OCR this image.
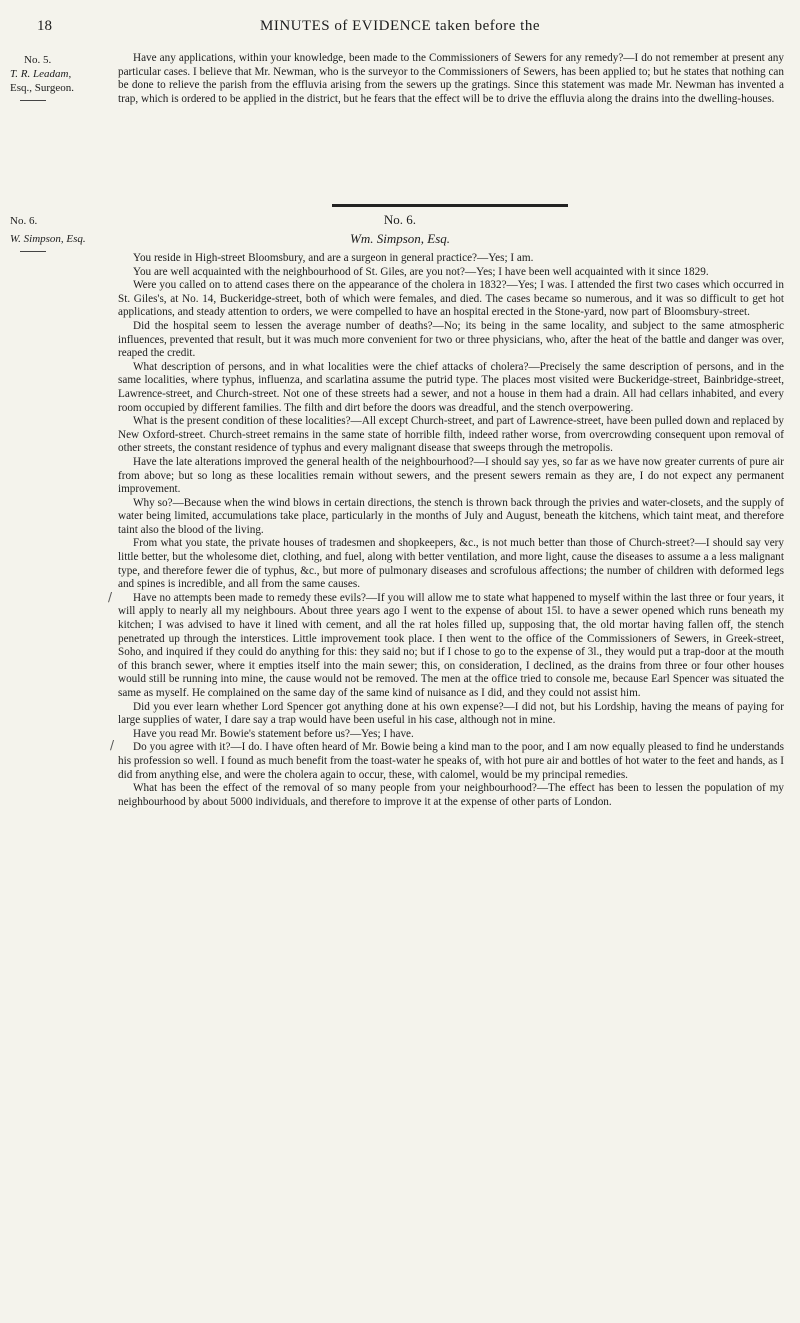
18	MINUTES of EVIDENCE taken before the
No. 5.
T. R. Leadam,
Esq., Surgeon.

Have any applications, within your knowledge, been made to the Commissioners of Sewers for any remedy?—I do not remember at present any particular cases. I believe that Mr. Newman, who is the surveyor to the Commissioners of Sewers, has been applied to; but he states that nothing can be done to relieve the parish from the effluvia arising from the sewers up the gratings. Since this statement was made Mr. Newman has invented a trap, which is ordered to be applied in the district, but he fears that the effect will be to drive the effluvia along the drains into the dwelling-houses.

No. 6.
Wm. Simpson, Esq.
No. 6.
W. Simpson, Esq.

You reside in High-street Bloomsbury, and are a surgeon in general practice?—Yes; I am.

You are well acquainted with the neighbourhood of St. Giles, are you not?—Yes; I have been well acquainted with it since 1829.

Were you called on to attend cases there on the appearance of the cholera in 1832?—Yes; I was. I attended the first two cases which occurred in St. Giles's, at No. 14, Buckeridge-street, both of which were females, and died. The cases became so numerous, and it was so difficult to get hot applications, and steady attention to orders, we were compelled to have an hospital erected in the Stone-yard, now part of Bloomsbury-street.

Did the hospital seem to lessen the average number of deaths?—No; its being in the same locality, and subject to the same atmospheric influences, prevented that result, but it was much more convenient for two or three physicians, who, after the heat of the battle and danger was over, reaped the credit.

What description of persons, and in what localities were the chief attacks of cholera?—Precisely the same description of persons, and in the same localities, where typhus, influenza, and scarlatina assume the putrid type. The places most visited were Buckeridge-street, Bainbridge-street, Lawrence-street, and Church-street. Not one of these streets had a sewer, and not a house in them had a drain. All had cellars inhabited, and every room occupied by different families. The filth and dirt before the doors was dreadful, and the stench overpowering.

What is the present condition of these localities?—All except Church-street, and part of Lawrence-street, have been pulled down and replaced by New Oxford-street. Church-street remains in the same state of horrible filth, indeed rather worse, from overcrowding consequent upon removal of other streets, the constant residence of typhus and every malignant disease that sweeps through the metropolis.

Have the late alterations improved the general health of the neighbourhood?—I should say yes, so far as we have now greater currents of pure air from above; but so long as these localities remain without sewers, and the present sewers remain as they are, I do not expect any permanent improvement.

Why so?—Because when the wind blows in certain directions, the stench is thrown back through the privies and water-closets, and the supply of water being limited, accumulations take place, particularly in the months of July and August, beneath the kitchens, which taint meat, and therefore taint also the blood of the living.

From what you state, the private houses of tradesmen and shopkeepers, &c., is not much better than those of Church-street?—I should say very little better, but the wholesome diet, clothing, and fuel, along with better ventilation, and more light, cause the diseases to assume a a less malignant type, and therefore fewer die of typhus, &c., but more of pulmonary diseases and scrofulous affections; the number of children with deformed legs and spines is incredible, and all from the same causes.

Have no attempts been made to remedy these evils?—If you will allow me to state what happened to myself within the last three or four years, it will apply to nearly all my neighbours. About three years ago I went to the expense of about 15l. to have a sewer opened which runs beneath my kitchen; I was advised to have it lined with cement, and all the rat holes filled up, supposing that, the old mortar having fallen off, the stench penetrated up through the interstices. Little improvement took place. I then went to the office of the Commissioners of Sewers, in Greek-street, Soho, and inquired if they could do anything for this: they said no; but if I chose to go to the expense of 3l., they would put a trap-door at the mouth of this branch sewer, where it empties itself into the main sewer; this, on consideration, I declined, as the drains from three or four other houses would still be running into mine, the cause would not be removed. The men at the office tried to console me, because Earl Spencer was situated the same as myself. He complained on the same day of the same kind of nuisance as I did, and they could not assist him.

Did you ever learn whether Lord Spencer got anything done at his own expense?—I did not, but his Lordship, having the means of paying for large supplies of water, I dare say a trap would have been useful in his case, although not in mine.

Have you read Mr. Bowie's statement before us?—Yes; I have.

Do you agree with it?—I do. I have often heard of Mr. Bowie being a kind man to the poor, and I am now equally pleased to find he understands his profession so well. I found as much benefit from the toast-water he speaks of, with hot pure air and bottles of hot water to the feet and hands, as I did from anything else, and were the cholera again to occur, these, with calomel, would be my principal remedies.

What has been the effect of the removal of so many people from your neighbourhood?—The effect has been to lessen the population of my neighbourhood by about 5000 individuals, and therefore to improve it at the expense of other parts of London.

/
/
